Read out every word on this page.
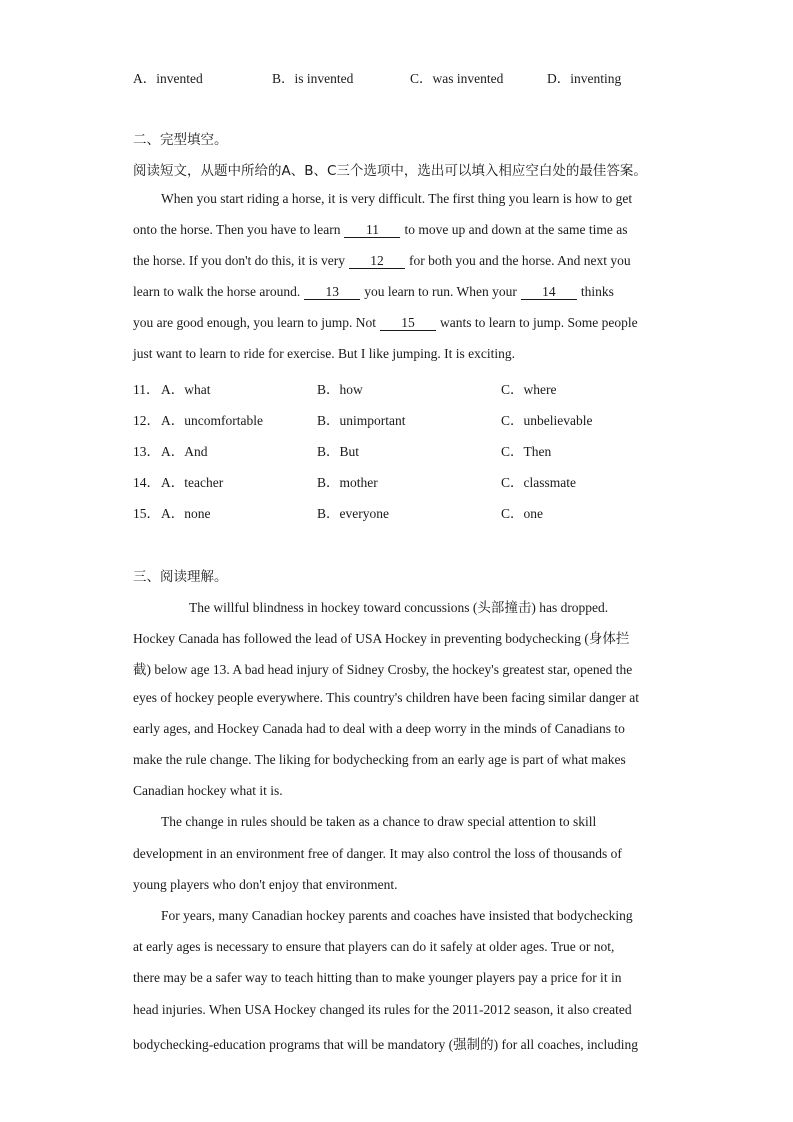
A．invented	B．is invented	C．was invented	D．inventing
二、完型填空。
阅读短文，从题中所给的A、B、C三个选项中，选出可以填入相应空白处的最佳答案。
When you start riding a horse, it is very difficult. The first thing you learn is how to get
onto the horse. Then you have to learn 11 to move up and down at the same time as
the horse. If you don't do this, it is very 12 for both you and the horse. And next you
learn to walk the horse around. 13 you learn to run. When your 14 thinks
you are good enough, you learn to jump. Not 15 wants to learn to jump. Some people
just want to learn to ride for exercise. But I like jumping. It is exciting.
11． A．what	B．how	C．where
12． A．uncomfortable	B．unimportant	C．unbelievable
13． A．And	B．But	C．Then
14． A．teacher	B．mother	C．classmate
15． A．none	B．everyone	C．one
三、阅读理解。
The willful blindness in hockey toward concussions (头部撞击) has dropped.
Hockey Canada has followed the lead of USA Hockey in preventing bodychecking (身体拦
截) below age 13. A bad head injury of Sidney Crosby, the hockey's greatest star, opened the
eyes of hockey people everywhere. This country's children have been facing similar danger at
early ages, and Hockey Canada had to deal with a deep worry in the minds of Canadians to
make the rule change. The liking for bodychecking from an early age is part of what makes
Canadian hockey what it is.
The change in rules should be taken as a chance to draw special attention to skill
development in an environment free of danger. It may also control the loss of thousands of
young players who don't enjoy that environment.
For years, many Canadian hockey parents and coaches have insisted that bodychecking
at early ages is necessary to ensure that players can do it safely at older ages. True or not,
there may be a safer way to teach hitting than to make younger players pay a price for it in
head injuries. When USA Hockey changed its rules for the 2011-2012 season, it also created
bodychecking-education programs that will be mandatory (强制的) for all coaches, including
